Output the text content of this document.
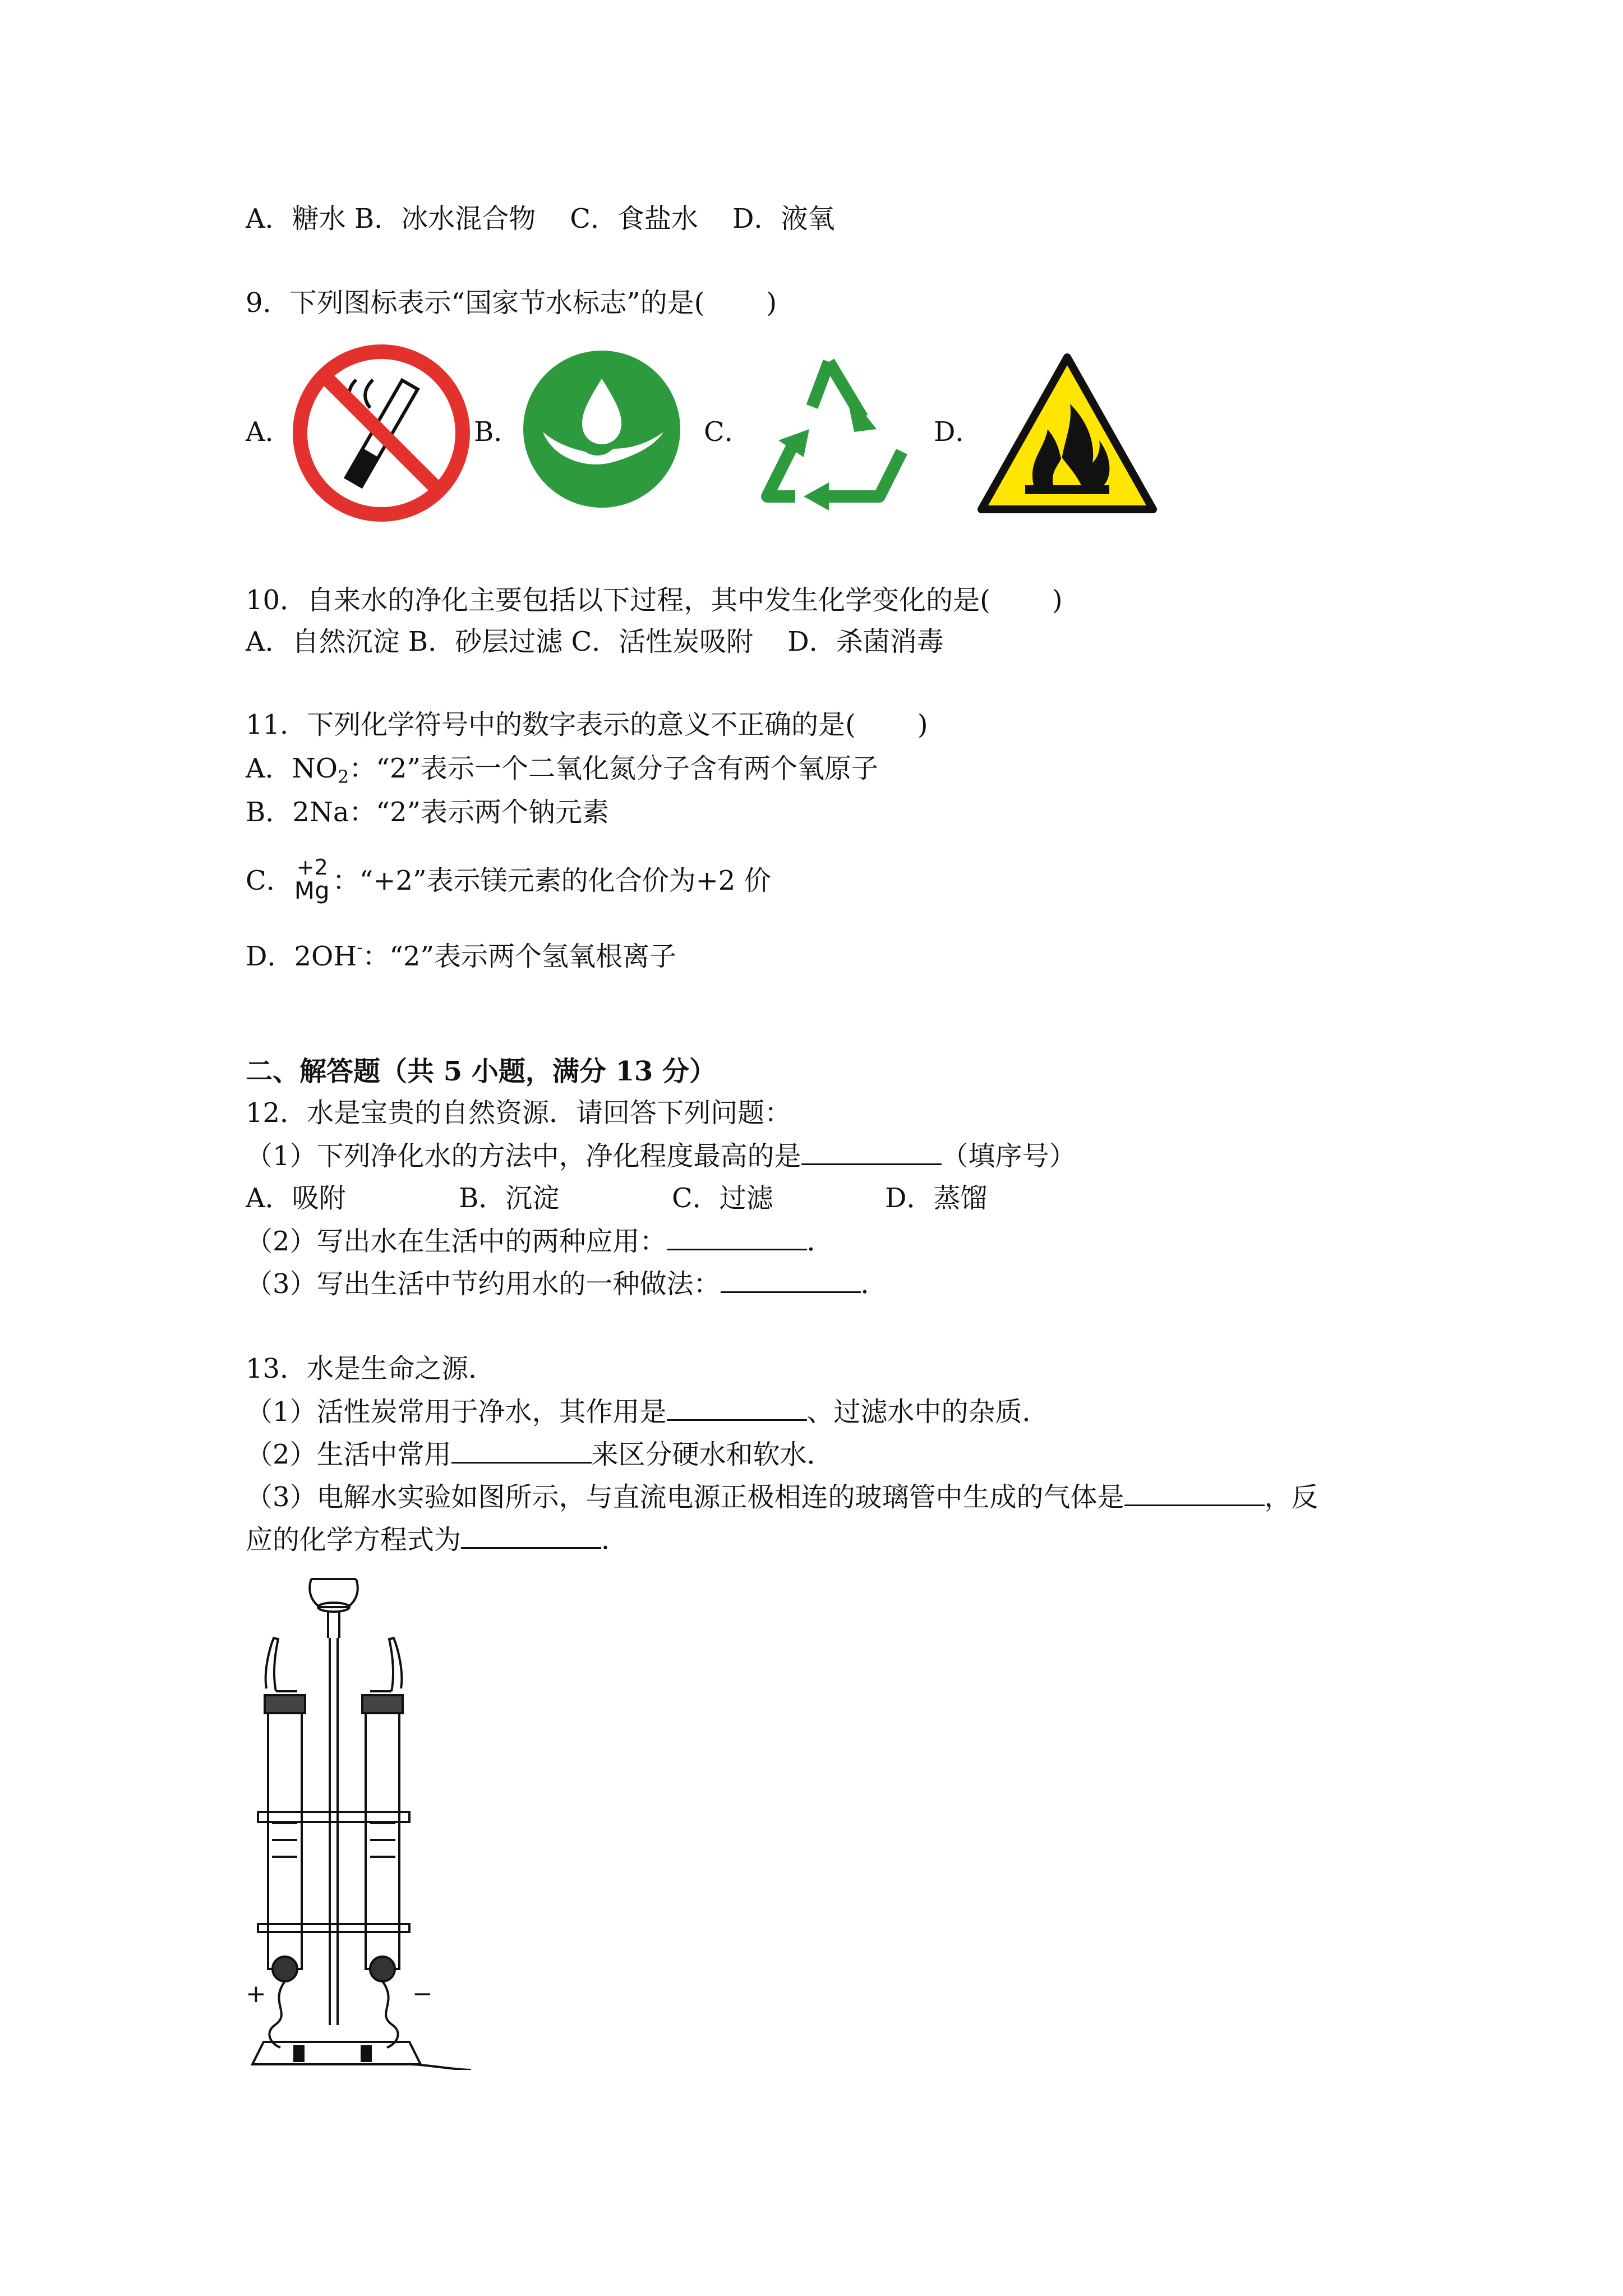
A．糖水 B．冰水混合物    C．食盐水    D．液氧
9．下列图标表示“国家节水标志”的是( )
A．	B．	C．	D．
10．自来水的净化主要包括以下过程，其中发生化学变化的是( )
A．自然沉淀 B．砂层过滤 C．活性炭吸附    D．杀菌消毒
11．下列化学符号中的数字表示的意义不正确的是( )
A．$NO_2$：“2”表示一个二氧化氮分子含有两个氧原子
B．2Na：“2”表示两个钠元素
C． +2
Mg ：“+2”表示镁元素的化合价为+2 价
D．2OH-：“2”表示两个氢氧根离子
二、解答题（共 5 小题，满分 13 分）
12．水是宝贵的自然资源．请回答下列问题：
（1）下列净化水的方法中，净化程度最高的是	（填序号）
A．吸附	B．沉淀	C．过滤	D．蒸馏
（2）写出水在生活中的两种应用：	．
（3）写出生活中节约用水的一种做法：	．
13．水是生命之源．
（1）活性炭常用于净水，其作用是	、过滤水中的杂质．
（2）生活中常用	来区分硬水和软水．
（3）电解水实验如图所示，与直流电源正极相连的玻璃管中生成的气体是	，反
应的化学方程式为	．
+	−
